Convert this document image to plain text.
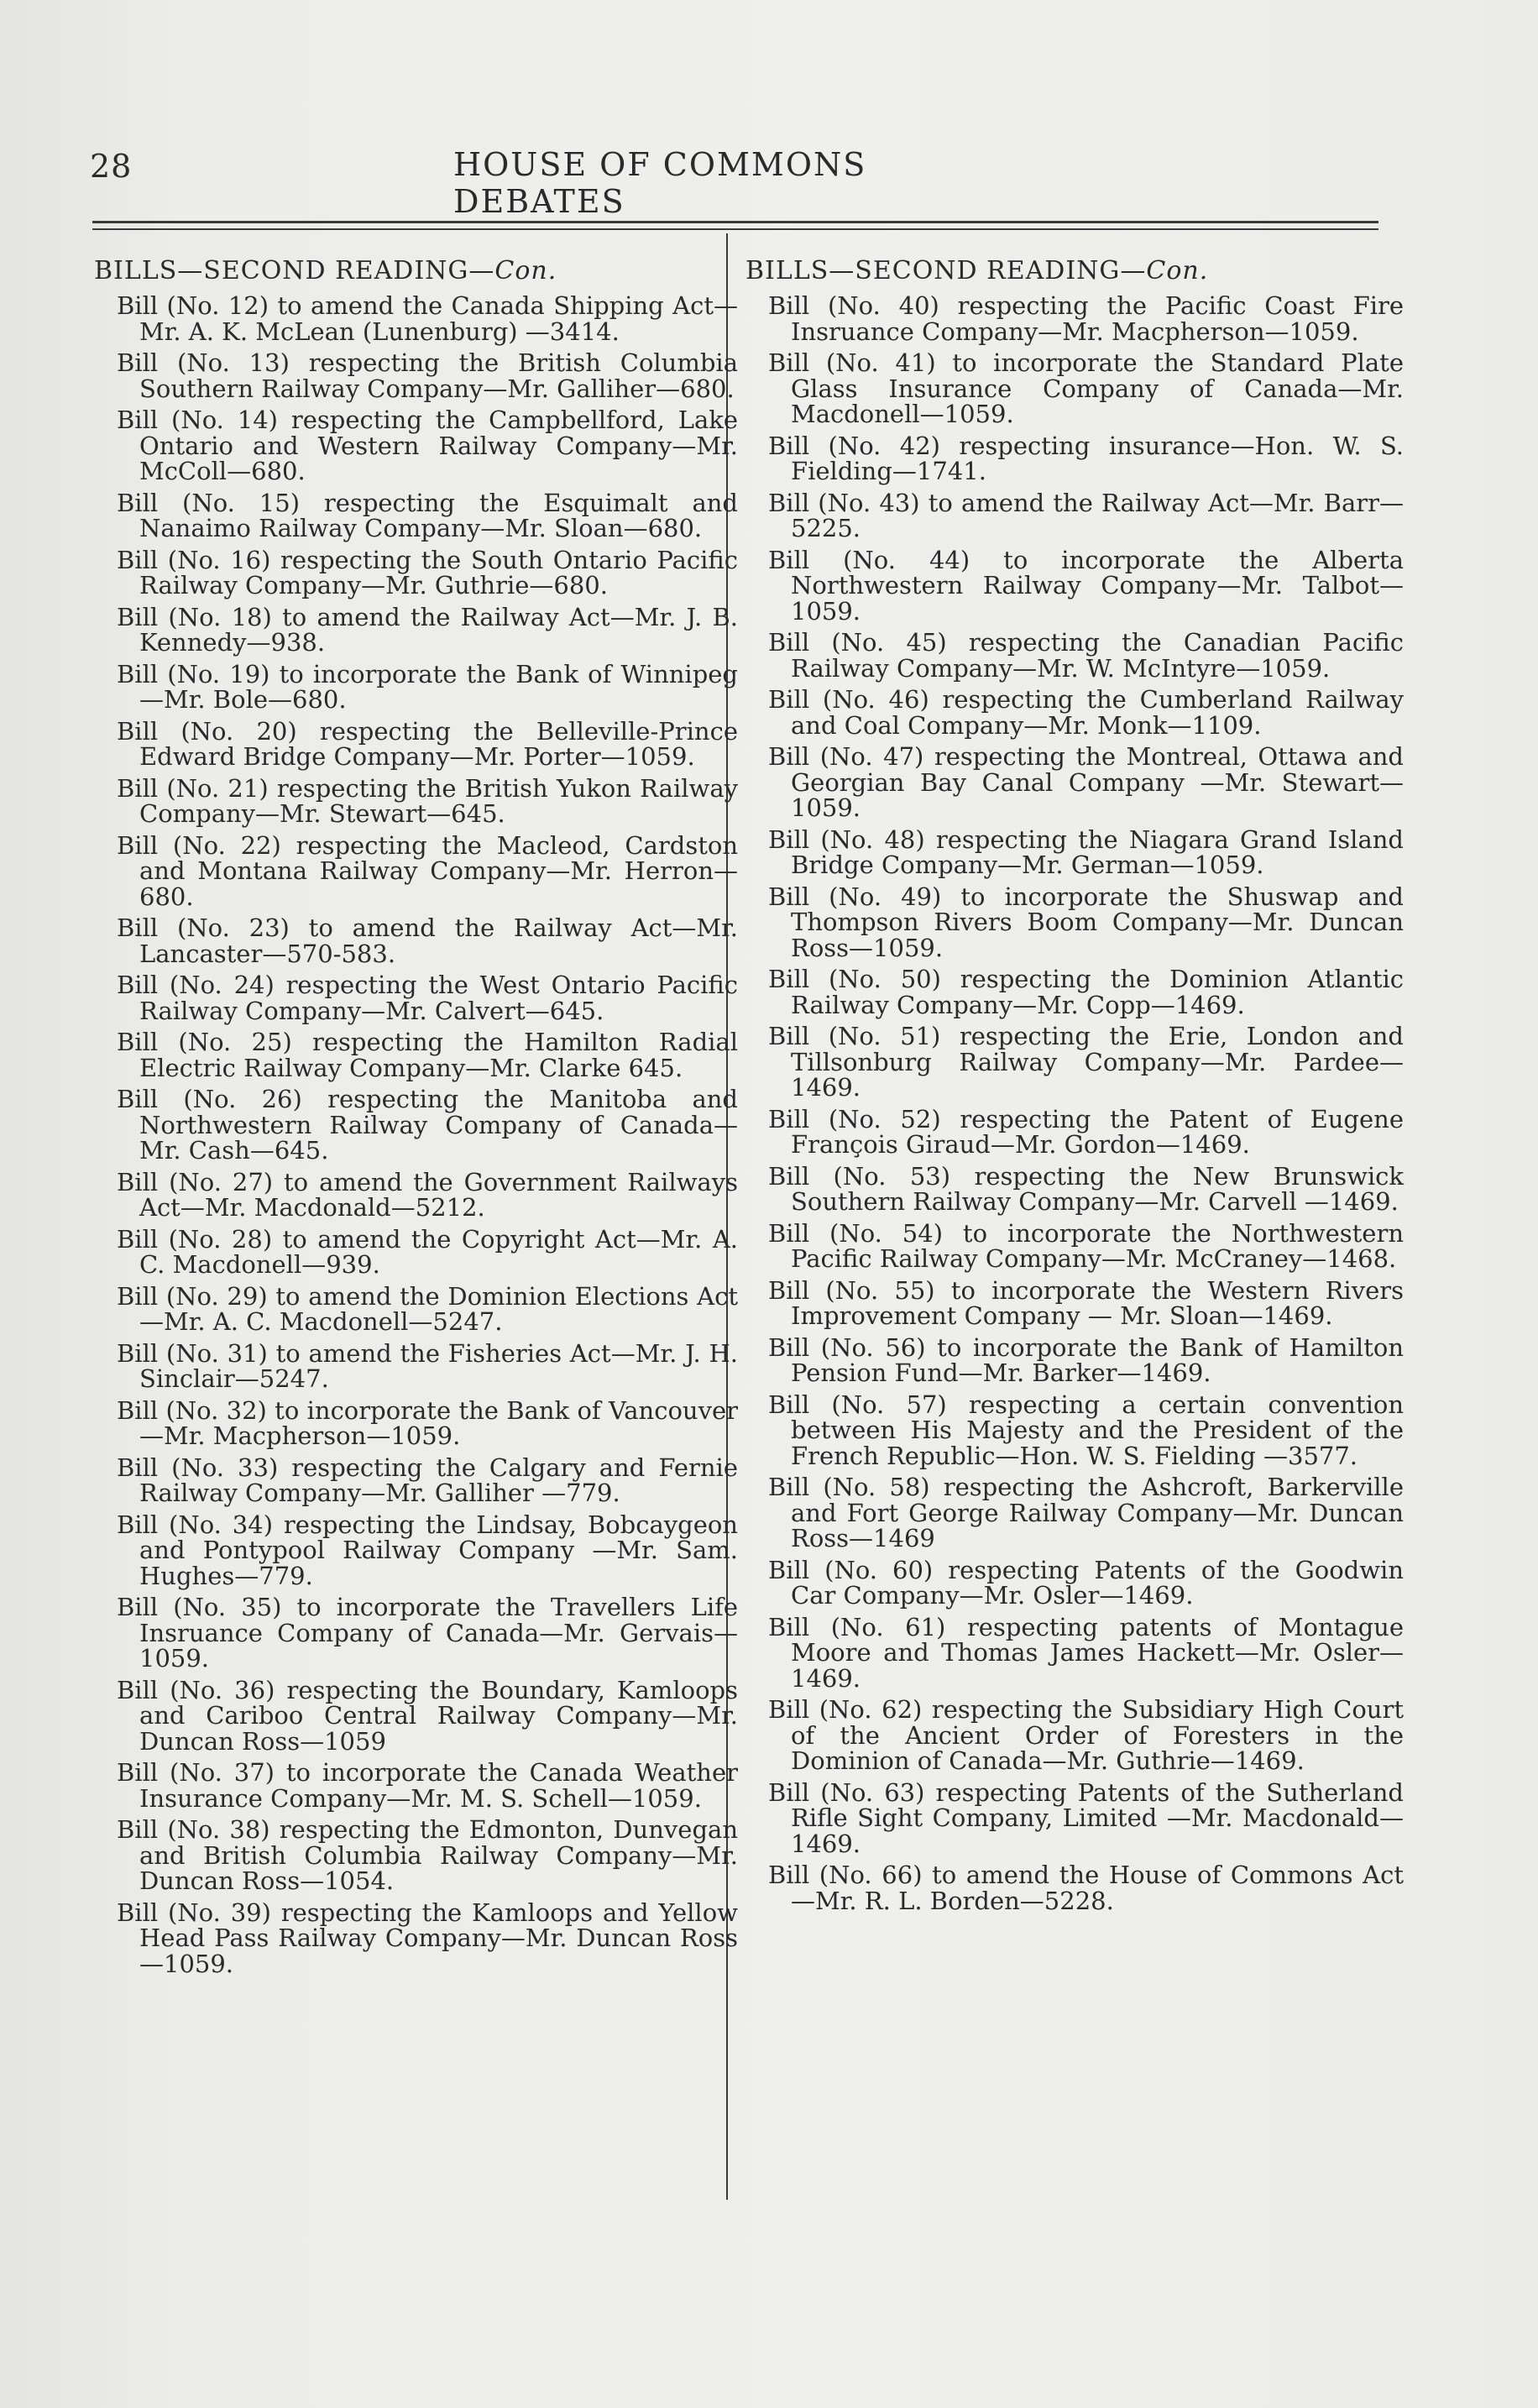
28	HOUSE OF COMMONS DEBATES
BILLS—SECOND READING—Con.

Bill (No. 12) to amend the Canada Shipping Act—Mr. A. K. McLean (Lunenburg) —3414.

Bill (No. 13) respecting the British Columbia Southern Railway Company—Mr. Galliher—680.

Bill (No. 14) respecting the Campbellford, Lake Ontario and Western Railway Company—Mr. McColl—680.

Bill (No. 15) respecting the Esquimalt and Nanaimo Railway Company—Mr. Sloan—680.

Bill (No. 16) respecting the South Ontario Pacific Railway Company—Mr. Guthrie—680.

Bill (No. 18) to amend the Railway Act—Mr. J. B. Kennedy—938.

Bill (No. 19) to incorporate the Bank of Winnipeg—Mr. Bole—680.

Bill (No. 20) respecting the Belleville-Prince Edward Bridge Company—Mr. Porter—1059.

Bill (No. 21) respecting the British Yukon Railway Company—Mr. Stewart—645.

Bill (No. 22) respecting the Macleod, Cardston and Montana Railway Company—Mr. Herron—680.

Bill (No. 23) to amend the Railway Act—Mr. Lancaster—570-583.

Bill (No. 24) respecting the West Ontario Pacific Railway Company—Mr. Calvert—645.

Bill (No. 25) respecting the Hamilton Radial Electric Railway Company—Mr. Clarke 645.

Bill (No. 26) respecting the Manitoba and Northwestern Railway Company of Canada—Mr. Cash—645.

Bill (No. 27) to amend the Government Railways Act—Mr. Macdonald—5212.

Bill (No. 28) to amend the Copyright Act—Mr. A. C. Macdonell—939.

Bill (No. 29) to amend the Dominion Elections Act—Mr. A. C. Macdonell—5247.

Bill (No. 31) to amend the Fisheries Act—Mr. J. H. Sinclair—5247.

Bill (No. 32) to incorporate the Bank of Vancouver—Mr. Macpherson—1059.

Bill (No. 33) respecting the Calgary and Fernie Railway Company—Mr. Galliher —779.

Bill (No. 34) respecting the Lindsay, Bobcaygeon and Pontypool Railway Company —Mr. Sam. Hughes—779.

Bill (No. 35) to incorporate the Travellers Life Insruance Company of Canada—Mr. Gervais—1059.

Bill (No. 36) respecting the Boundary, Kamloops and Cariboo Central Railway Company—Mr. Duncan Ross—1059

Bill (No. 37) to incorporate the Canada Weather Insurance Company—Mr. M. S. Schell—1059.

Bill (No. 38) respecting the Edmonton, Dunvegan and British Columbia Railway Company—Mr. Duncan Ross—1054.

Bill (No. 39) respecting the Kamloops and Yellow Head Pass Railway Company—Mr. Duncan Ross—1059.

BILLS—SECOND READING—Con.

Bill (No. 40) respecting the Pacific Coast Fire Insruance Company—Mr. Macpherson—1059.

Bill (No. 41) to incorporate the Standard Plate Glass Insurance Company of Canada—Mr. Macdonell—1059.

Bill (No. 42) respecting insurance—Hon. W. S. Fielding—1741.

Bill (No. 43) to amend the Railway Act—Mr. Barr—5225.

Bill (No. 44) to incorporate the Alberta Northwestern Railway Company—Mr. Talbot—1059.

Bill (No. 45) respecting the Canadian Pacific Railway Company—Mr. W. McIntyre—1059.

Bill (No. 46) respecting the Cumberland Railway and Coal Company—Mr. Monk—1109.

Bill (No. 47) respecting the Montreal, Ottawa and Georgian Bay Canal Company —Mr. Stewart—1059.

Bill (No. 48) respecting the Niagara Grand Island Bridge Company—Mr. German—1059.

Bill (No. 49) to incorporate the Shuswap and Thompson Rivers Boom Company—Mr. Duncan Ross—1059.

Bill (No. 50) respecting the Dominion Atlantic Railway Company—Mr. Copp—1469.

Bill (No. 51) respecting the Erie, London and Tillsonburg Railway Company—Mr. Pardee—1469.

Bill (No. 52) respecting the Patent of Eugene François Giraud—Mr. Gordon—1469.

Bill (No. 53) respecting the New Brunswick Southern Railway Company—Mr. Carvell —1469.

Bill (No. 54) to incorporate the Northwestern Pacific Railway Company—Mr. McCraney—1468.

Bill (No. 55) to incorporate the Western Rivers Improvement Company — Mr. Sloan—1469.

Bill (No. 56) to incorporate the Bank of Hamilton Pension Fund—Mr. Barker—1469.

Bill (No. 57) respecting a certain convention between His Majesty and the President of the French Republic—Hon. W. S. Fielding —3577.

Bill (No. 58) respecting the Ashcroft, Barkerville and Fort George Railway Company—Mr. Duncan Ross—1469

Bill (No. 60) respecting Patents of the Goodwin Car Company—Mr. Osler—1469.

Bill (No. 61) respecting patents of Montague Moore and Thomas James Hackett—Mr. Osler—1469.

Bill (No. 62) respecting the Subsidiary High Court of the Ancient Order of Foresters in the Dominion of Canada—Mr. Guthrie—1469.

Bill (No. 63) respecting Patents of the Sutherland Rifle Sight Company, Limited —Mr. Macdonald—1469.

Bill (No. 66) to amend the House of Commons Act—Mr. R. L. Borden—5228.
